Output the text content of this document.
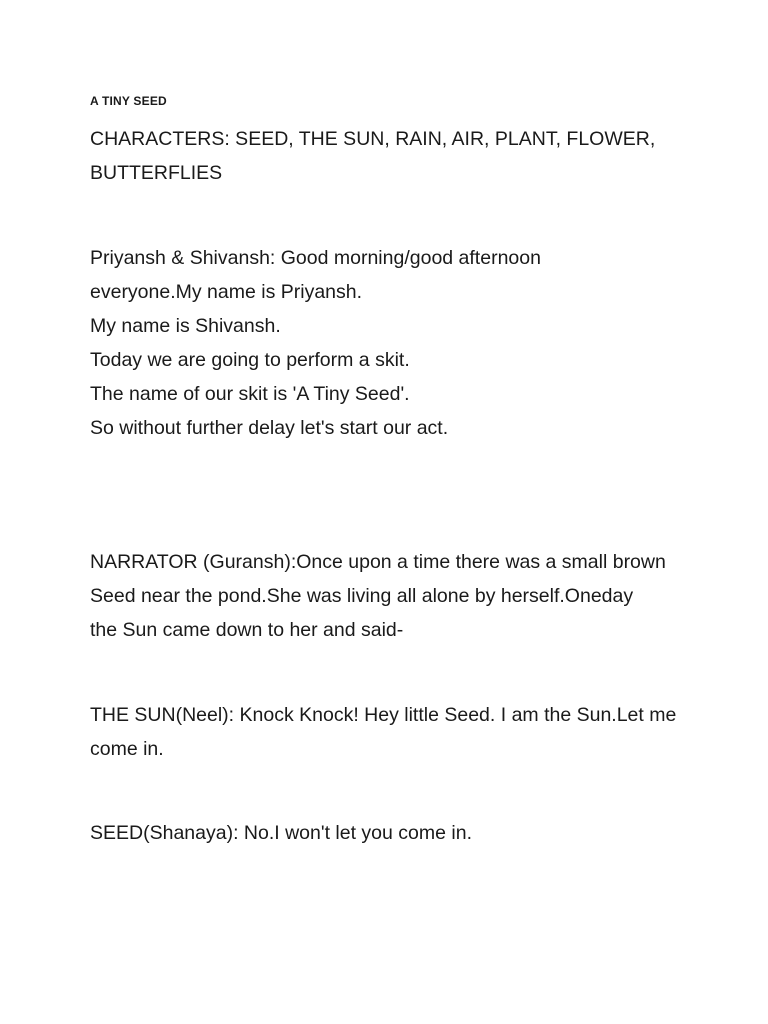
A TINY SEED

CHARACTERS: SEED, THE SUN, RAIN, AIR, PLANT, FLOWER,
BUTTERFLIES

Priyansh & Shivansh: Good morning/good afternoon
everyone.My name is Priyansh.
My name is Shivansh.
Today we are going to perform a skit.
The name of our skit is 'A Tiny Seed'.
So without further delay let's start our act.

NARRATOR (Guransh):Once upon a time there was a small brown
Seed near the pond.She was living all alone by herself.Oneday
the Sun came down to her and said-

THE SUN(Neel): Knock Knock! Hey little Seed. I am the Sun.Let me
come in.

SEED(Shanaya): No.I won't let you come in.
